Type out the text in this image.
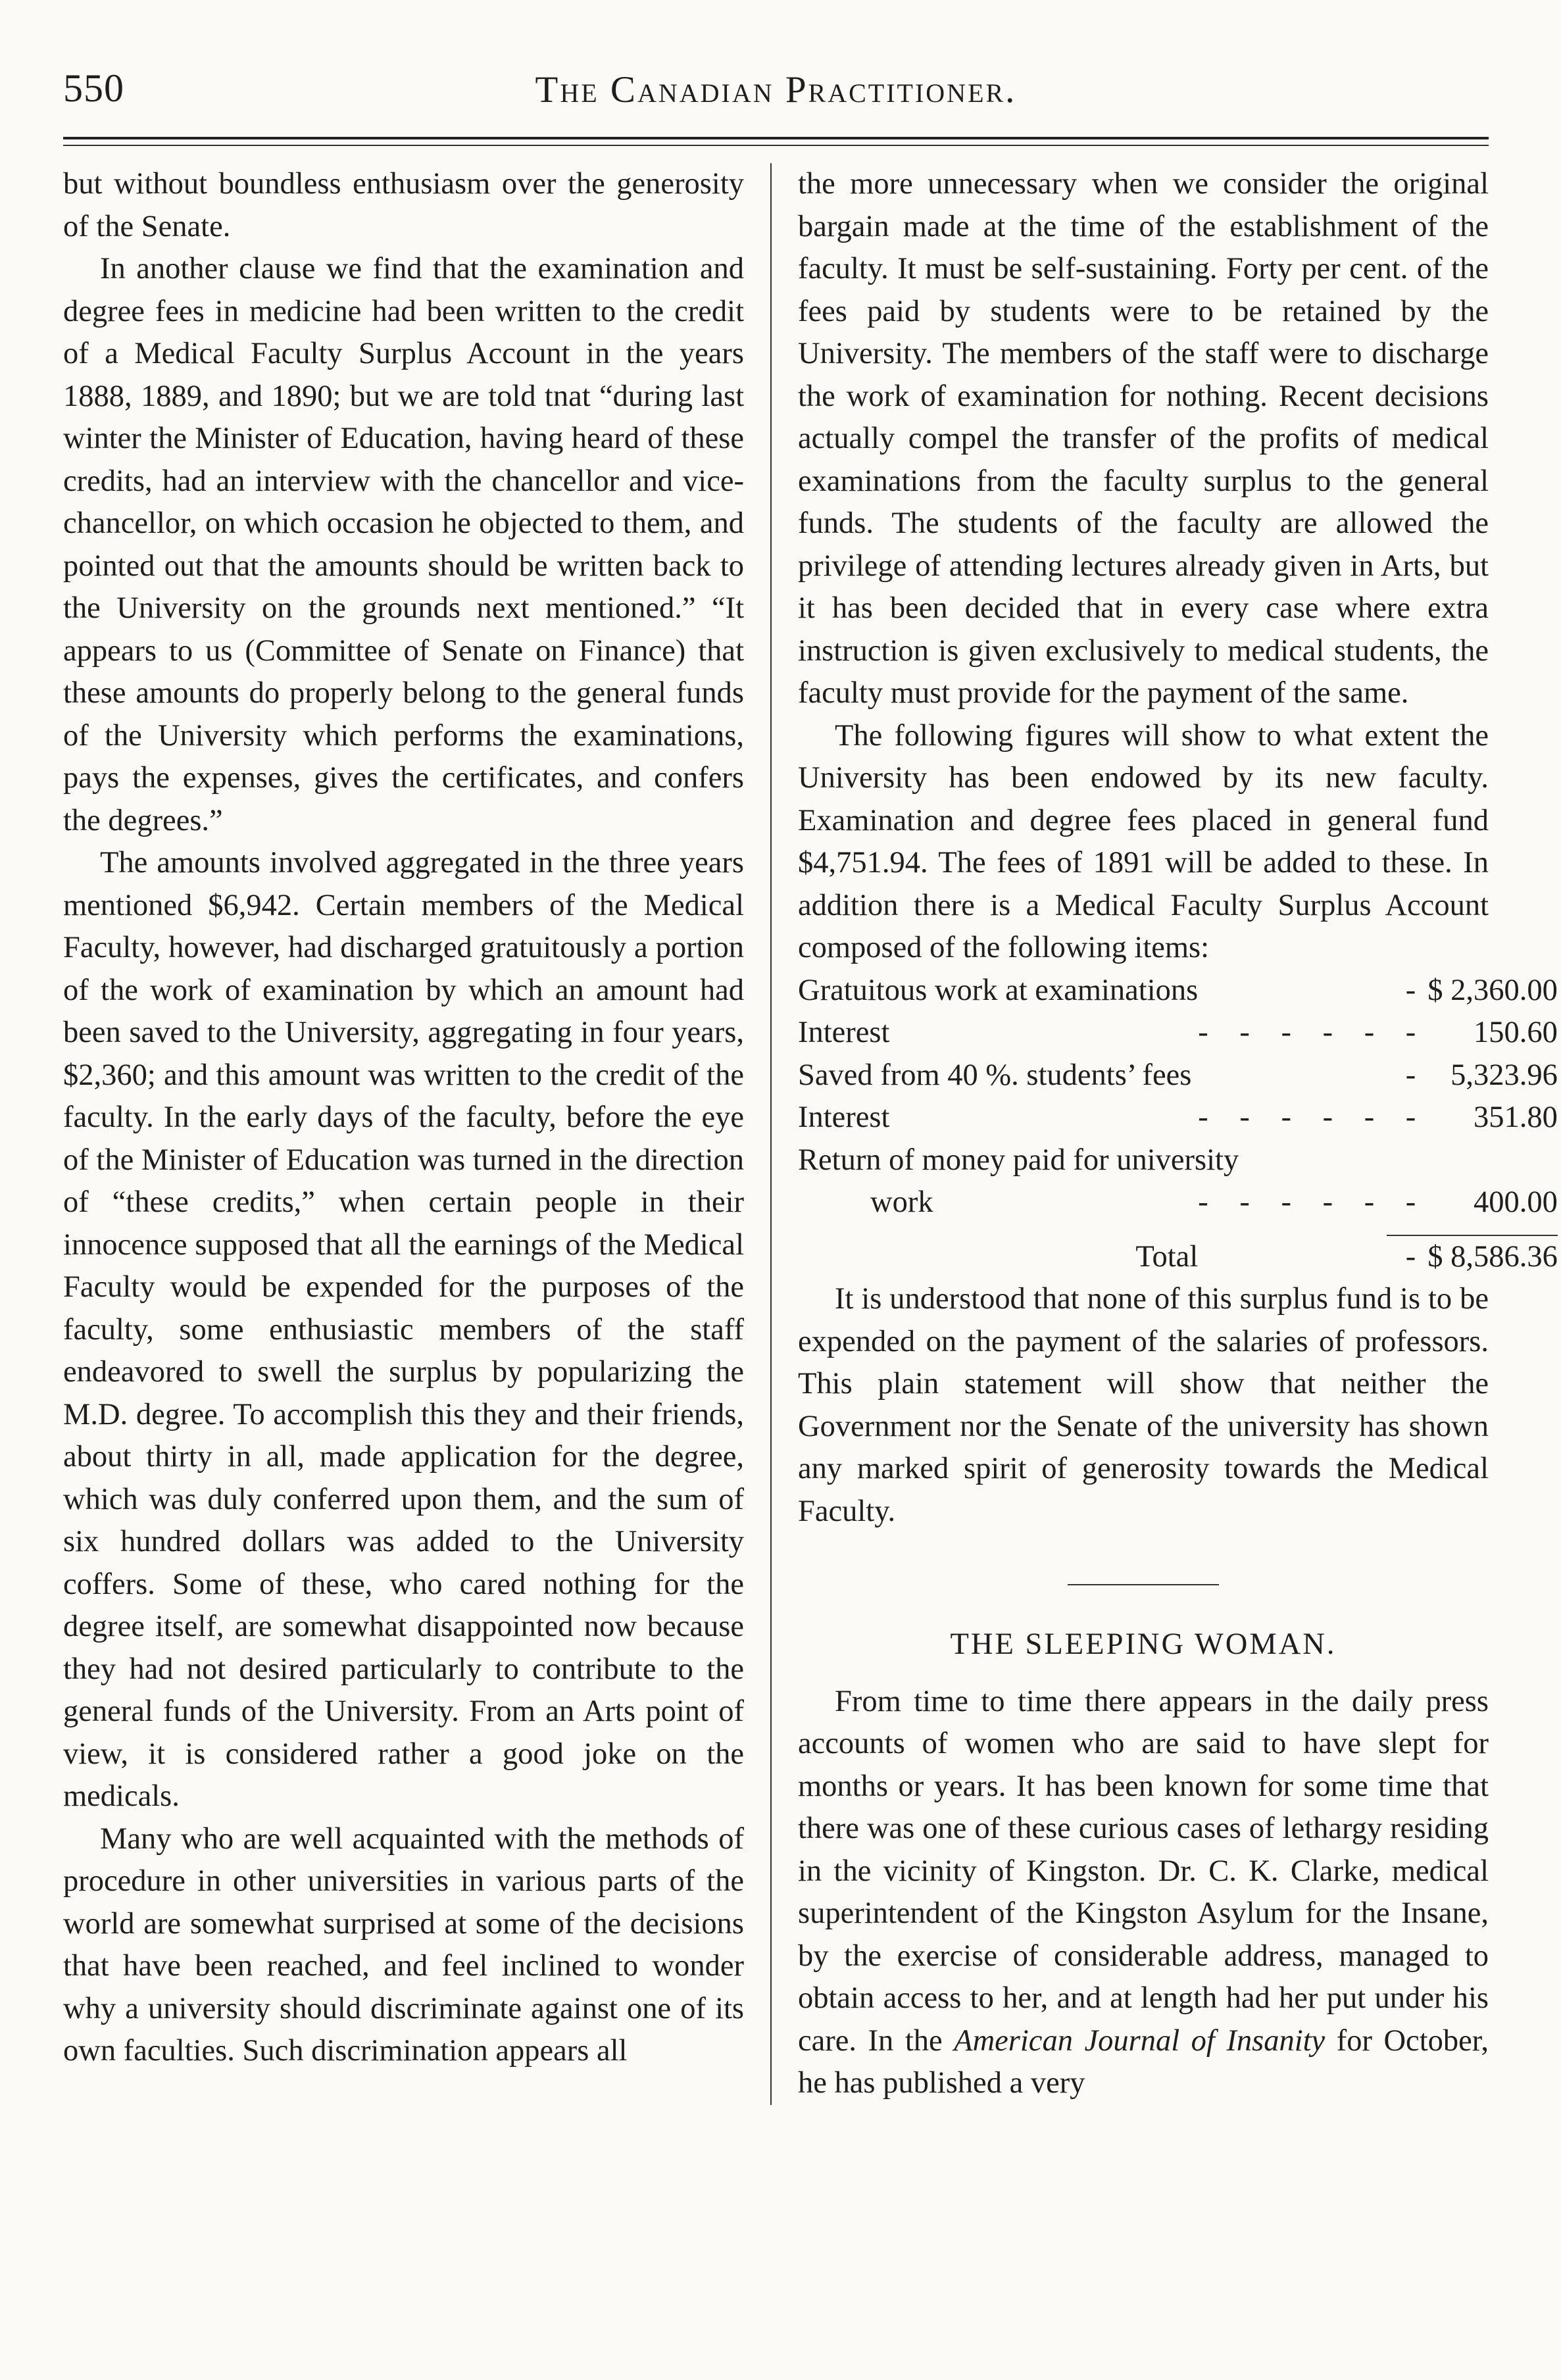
550	The Canadian Practitioner.

but without boundless enthusiasm over the generosity of the Senate.

In another clause we find that the examination and degree fees in medicine had been written to the credit of a Medical Faculty Surplus Account in the years 1888, 1889, and 1890; but we are told tnat “during last winter the Minister of Education, having heard of these credits, had an interview with the chancellor and vice-chancellor, on which occasion he objected to them, and pointed out that the amounts should be written back to the University on the grounds next mentioned.” “It appears to us (Committee of Senate on Finance) that these amounts do properly belong to the general funds of the University which performs the examinations, pays the expenses, gives the certificates, and confers the degrees.”

The amounts involved aggregated in the three years mentioned $6,942. Certain members of the Medical Faculty, however, had discharged gratuitously a portion of the work of examination by which an amount had been saved to the University, aggregating in four years, $2,360; and this amount was written to the credit of the faculty. In the early days of the faculty, before the eye of the Minister of Education was turned in the direction of “these credits,” when certain people in their innocence supposed that all the earnings of the Medical Faculty would be expended for the purposes of the faculty, some enthusiastic members of the staff endeavored to swell the surplus by popularizing the M.D. degree. To accomplish this they and their friends, about thirty in all, made application for the degree, which was duly conferred upon them, and the sum of six hundred dollars was added to the University coffers. Some of these, who cared nothing for the degree itself, are somewhat disappointed now because they had not desired particularly to contribute to the general funds of the University. From an Arts point of view, it is considered rather a good joke on the medicals.

Many who are well acquainted with the methods of procedure in other universities in various parts of the world are somewhat surprised at some of the decisions that have been reached, and feel inclined to wonder why a university should discriminate against one of its own faculties. Such discrimination appears all

the more unnecessary when we consider the original bargain made at the time of the establishment of the faculty. It must be self-sustaining. Forty per cent. of the fees paid by students were to be retained by the University. The members of the staff were to discharge the work of examination for nothing. Recent decisions actually compel the transfer of the profits of medical examinations from the faculty surplus to the general funds. The students of the faculty are allowed the privilege of attending lectures already given in Arts, but it has been decided that in every case where extra instruction is given exclusively to medical students, the faculty must provide for the payment of the same.

The following figures will show to what extent the University has been endowed by its new faculty. Examination and degree fees placed in general fund $4,751.94. The fees of 1891 will be added to these. In addition there is a Medical Faculty Surplus Account composed of the following items:

Gratuitous work at examinations	-	$ 2,360.00
Interest	- - - - - -	150.60
Saved from 40 %. students’ fees	-	5,323.96
Interest	- - - - - -	351.80
Return of money paid for university		
work	- - - - - -	400.00

Total	-	$ 8,586.36

It is understood that none of this surplus fund is to be expended on the payment of the salaries of professors. This plain statement will show that neither the Government nor the Senate of the university has shown any marked spirit of generosity towards the Medical Faculty.

THE SLEEPING WOMAN.

From time to time there appears in the daily press accounts of women who are said to have slept for months or years. It has been known for some time that there was one of these curious cases of lethargy residing in the vicinity of Kingston. Dr. C. K. Clarke, medical superintendent of the Kingston Asylum for the Insane, by the exercise of considerable address, managed to obtain access to her, and at length had her put under his care. In the American Journal of Insanity for October, he has published a very
